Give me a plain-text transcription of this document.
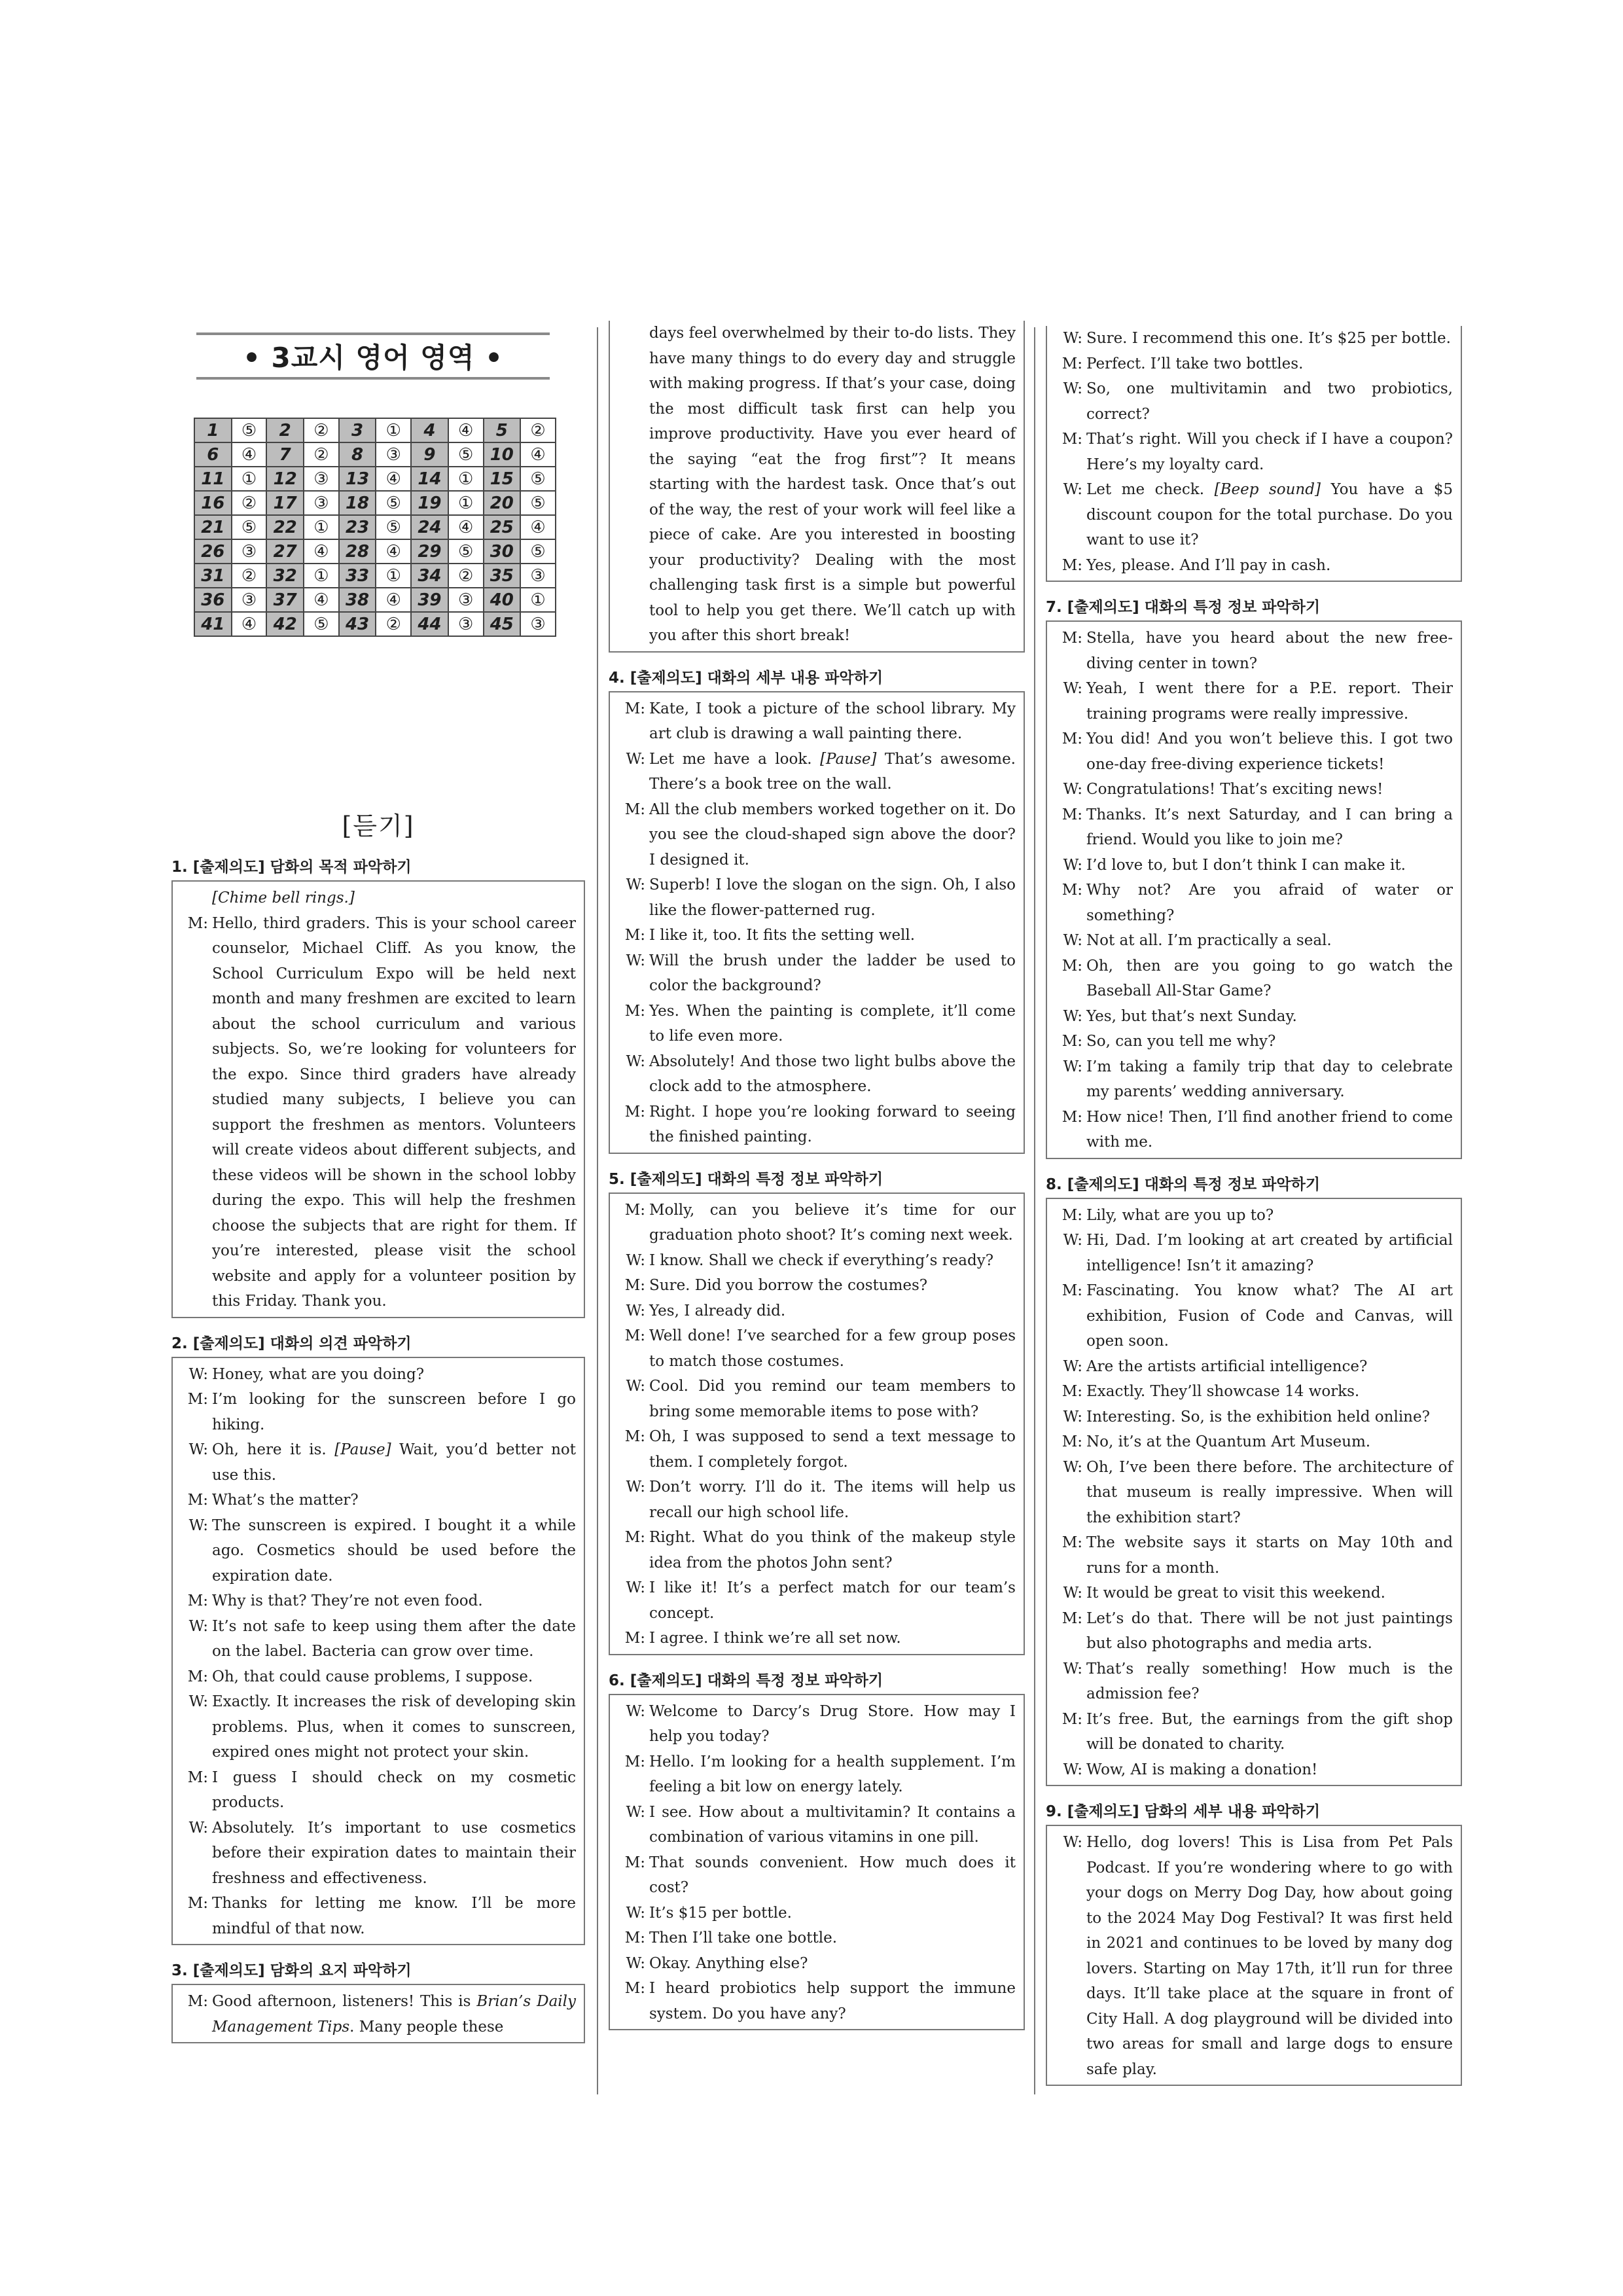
• 3교시 영어 영역 •
1	⑤	2	②	3	①	4	④	5	②
6	④	7	②	8	③	9	⑤	10	④
11	①	12	③	13	④	14	①	15	⑤
16	②	17	③	18	⑤	19	①	20	⑤
21	⑤	22	①	23	⑤	24	④	25	④
26	③	27	④	28	④	29	⑤	30	⑤
31	②	32	①	33	①	34	②	35	③
36	③	37	④	38	④	39	③	40	①
41	④	42	⑤	43	②	44	③	45	③
[듣기]
1. [출제의도] 담화의 목적 파악하기
[Chime bell rings.]
M: Hello, third graders. This is your school career counselor, Michael Cliff. As you know, the School Curriculum Expo will be held next month and many freshmen are excited to learn about the school curriculum and various subjects. So, we’re looking for volunteers for the expo. Since third graders have already studied many subjects, I believe you can support the freshmen as mentors. Volunteers will create videos about different subjects, and these videos will be shown in the school lobby during the expo. This will help the freshmen choose the subjects that are right for them. If you’re interested, please visit the school website and apply for a volunteer position by this Friday. Thank you.
2. [출제의도] 대화의 의견 파악하기
W: Honey, what are you doing?
M: I’m looking for the sunscreen before I go hiking.
W: Oh, here it is. [Pause] Wait, you’d better not use this.
M: What’s the matter?
W: The sunscreen is expired. I bought it a while ago. Cosmetics should be used before the expiration date.
M: Why is that? They’re not even food.
W: It’s not safe to keep using them after the date on the label. Bacteria can grow over time.
M: Oh, that could cause problems, I suppose.
W: Exactly. It increases the risk of developing skin problems. Plus, when it comes to sunscreen, expired ones might not protect your skin.
M: I guess I should check on my cosmetic products.
W: Absolutely. It’s important to use cosmetics before their expiration dates to maintain their freshness and effectiveness.
M: Thanks for letting me know. I’ll be more mindful of that now.
3. [출제의도] 담화의 요지 파악하기
M: Good afternoon, listeners! This is Brian’s Daily Management Tips. Many people these
days feel overwhelmed by their to-do lists. They have many things to do every day and struggle with making progress. If that’s your case, doing the most difficult task first can help you improve productivity. Have you ever heard of the saying “eat the frog first”? It means starting with the hardest task. Once that’s out of the way, the rest of your work will feel like a piece of cake. Are you interested in boosting your productivity? Dealing with the most challenging task first is a simple but powerful tool to help you get there. We’ll catch up with you after this short break!
4. [출제의도] 대화의 세부 내용 파악하기
M: Kate, I took a picture of the school library. My art club is drawing a wall painting there.
W: Let me have a look. [Pause] That’s awesome. There’s a book tree on the wall.
M: All the club members worked together on it. Do you see the cloud-shaped sign above the door? I designed it.
W: Superb! I love the slogan on the sign. Oh, I also like the flower-patterned rug.
M: I like it, too. It fits the setting well.
W: Will the brush under the ladder be used to color the background?
M: Yes. When the painting is complete, it’ll come to life even more.
W: Absolutely! And those two light bulbs above the clock add to the atmosphere.
M: Right. I hope you’re looking forward to seeing the finished painting.
5. [출제의도] 대화의 특정 정보 파악하기
M: Molly, can you believe it’s time for our graduation photo shoot? It’s coming next week.
W: I know. Shall we check if everything’s ready?
M: Sure. Did you borrow the costumes?
W: Yes, I already did.
M: Well done! I’ve searched for a few group poses to match those costumes.
W: Cool. Did you remind our team members to bring some memorable items to pose with?
M: Oh, I was supposed to send a text message to them. I completely forgot.
W: Don’t worry. I’ll do it. The items will help us recall our high school life.
M: Right. What do you think of the makeup style idea from the photos John sent?
W: I like it! It’s a perfect match for our team’s concept.
M: I agree. I think we’re all set now.
6. [출제의도] 대화의 특정 정보 파악하기
W: Welcome to Darcy’s Drug Store. How may I help you today?
M: Hello. I’m looking for a health supplement. I’m feeling a bit low on energy lately.
W: I see. How about a multivitamin? It contains a combination of various vitamins in one pill.
M: That sounds convenient. How much does it cost?
W: It’s $15 per bottle.
M: Then I’ll take one bottle.
W: Okay. Anything else?
M: I heard probiotics help support the immune system. Do you have any?
W: Sure. I recommend this one. It’s $25 per bottle.
M: Perfect. I’ll take two bottles.
W: So, one multivitamin and two probiotics, correct?
M: That’s right. Will you check if I have a coupon? Here’s my loyalty card.
W: Let me check. [Beep sound] You have a $5 discount coupon for the total purchase. Do you want to use it?
M: Yes, please. And I’ll pay in cash.
7. [출제의도] 대화의 특정 정보 파악하기
M: Stella, have you heard about the new free-diving center in town?
W: Yeah, I went there for a P.E. report. Their training programs were really impressive.
M: You did! And you won’t believe this. I got two one-day free-diving experience tickets!
W: Congratulations! That’s exciting news!
M: Thanks. It’s next Saturday, and I can bring a friend. Would you like to join me?
W: I’d love to, but I don’t think I can make it.
M: Why not? Are you afraid of water or something?
W: Not at all. I’m practically a seal.
M: Oh, then are you going to go watch the Baseball All-Star Game?
W: Yes, but that’s next Sunday.
M: So, can you tell me why?
W: I’m taking a family trip that day to celebrate my parents’ wedding anniversary.
M: How nice! Then, I’ll find another friend to come with me.
8. [출제의도] 대화의 특정 정보 파악하기
M: Lily, what are you up to?
W: Hi, Dad. I’m looking at art created by artificial intelligence! Isn’t it amazing?
M: Fascinating. You know what? The AI art exhibition, Fusion of Code and Canvas, will open soon.
W: Are the artists artificial intelligence?
M: Exactly. They’ll showcase 14 works.
W: Interesting. So, is the exhibition held online?
M: No, it’s at the Quantum Art Museum.
W: Oh, I’ve been there before. The architecture of that museum is really impressive. When will the exhibition start?
M: The website says it starts on May 10th and runs for a month.
W: It would be great to visit this weekend.
M: Let’s do that. There will be not just paintings but also photographs and media arts.
W: That’s really something! How much is the admission fee?
M: It’s free. But, the earnings from the gift shop will be donated to charity.
W: Wow, AI is making a donation!
9. [출제의도] 담화의 세부 내용 파악하기
W: Hello, dog lovers! This is Lisa from Pet Pals Podcast. If you’re wondering where to go with your dogs on Merry Dog Day, how about going to the 2024 May Dog Festival? It was first held in 2021 and continues to be loved by many dog lovers. Starting on May 17th, it’ll run for three days. It’ll take place at the square in front of City Hall. A dog playground will be divided into two areas for small and large dogs to ensure safe play.
